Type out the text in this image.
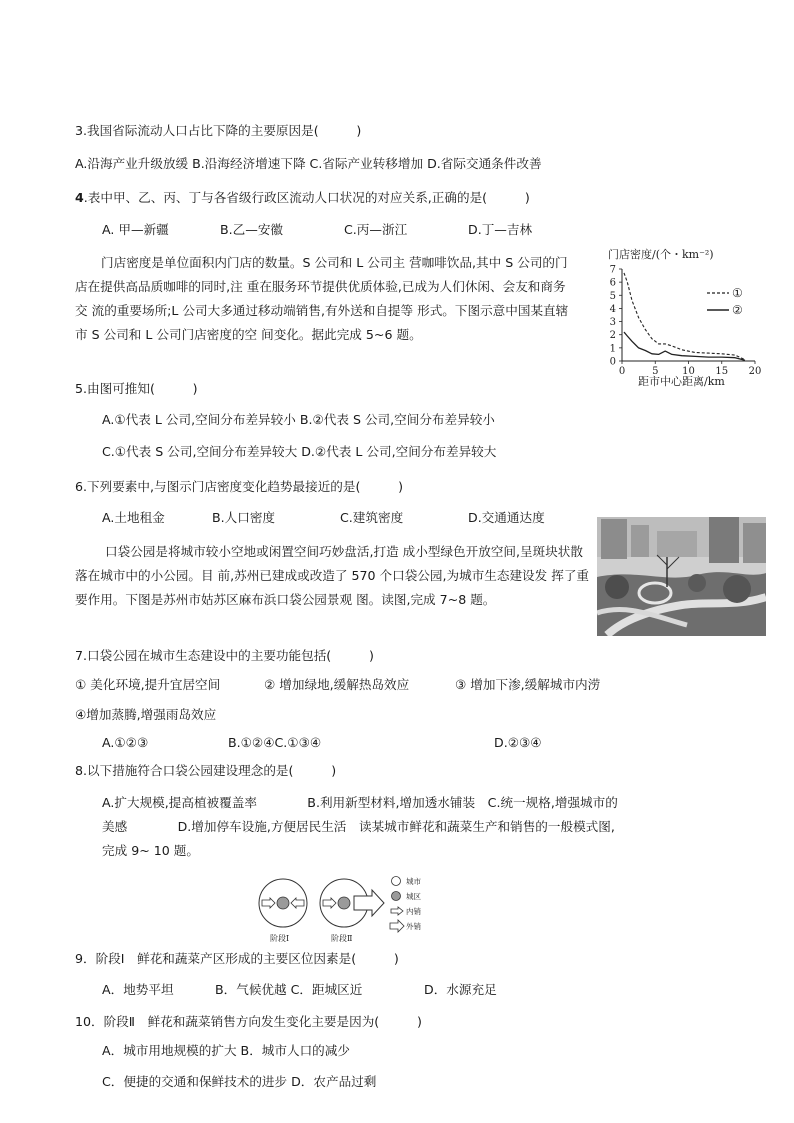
3.我国省际流动人口占比下降的主要原因是(　　　)
A.沿海产业升级放缓 B.沿海经济增速下降 C.省际产业转移增加 D.省际交通条件改善
4.表中甲、乙、丙、丁与各省级行政区流动人口状况的对应关系,正确的是(　　　)
A. 甲—新疆	B.乙—安徽	C.丙—浙江	D.丁—吉林
门店密度是单位面积内门店的数量。S 公司和 L 公司主 营咖啡饮品,其中 S 公司的门店在提供高品质咖啡的同时,注 重在服务环节提供优质体验,已成为人们休闲、会友和商务交 流的重要场所;L 公司大多通过移动端销售,有外送和自提等 形式。下图示意中国某直辖市 S 公司和 L 公司门店密度的空 间变化。据此完成 5~6 题。
门店密度/(个・km⁻²)
7
6
5
4
3
2
1
0
0	5 10 15 20
①
②
距市中心距离/km
5.由图可推知(　　　)
A.①代表 L 公司,空间分布差异较小 B.②代表 S 公司,空间分布差异较小
C.①代表 S 公司,空间分布差异较大 D.②代表 L 公司,空间分布差异较大
6.下列要素中,与图示门店密度变化趋势最接近的是(　　　)
A.土地租金	B.人口密度	C.建筑密度	D.交通通达度
口袋公园是将城市较小空地或闲置空间巧妙盘活,打造 成小型绿色开放空间,呈斑块状散落在城市中的小公园。目 前,苏州已建成或改造了 570 个口袋公园,为城市生态建设发 挥了重要作用。下图是苏州市姑苏区麻布浜口袋公园景观 图。读图,完成 7~8 题。
7.口袋公园在城市生态建设中的主要功能包括(　　　)
① 美化环境,提升宜居空间	② 增加绿地,缓解热岛效应	③ 增加下渗,缓解城市内涝
④增加蒸腾,增强雨岛效应
A.①②③	B.①②④C.①③④	D.②③④
8.以下措施符合口袋公园建设理念的是(　　　)
A.扩大规模,提高植被覆盖率　　　　B.利用新型材料,增加透水铺装　C.统一规格,增强城市的美感　　　　D.增加停车设施,方便居民生活　读某城市鲜花和蔬菜生产和销售的一般模式图,完成 9~ 10 题。
阶段Ⅰ	阶段Ⅱ
城市
城区
内销
外销
9．阶段Ⅰ　鲜花和蔬菜产区形成的主要区位因素是(　　　)
A．地势平坦	B．气候优越 C．距城区近	D．水源充足
10．阶段Ⅱ　鲜花和蔬菜销售方向发生变化主要是因为(　　　)
A．城市用地规模的扩大 B．城市人口的减少
C．便捷的交通和保鲜技术的进步 D．农产品过剩
